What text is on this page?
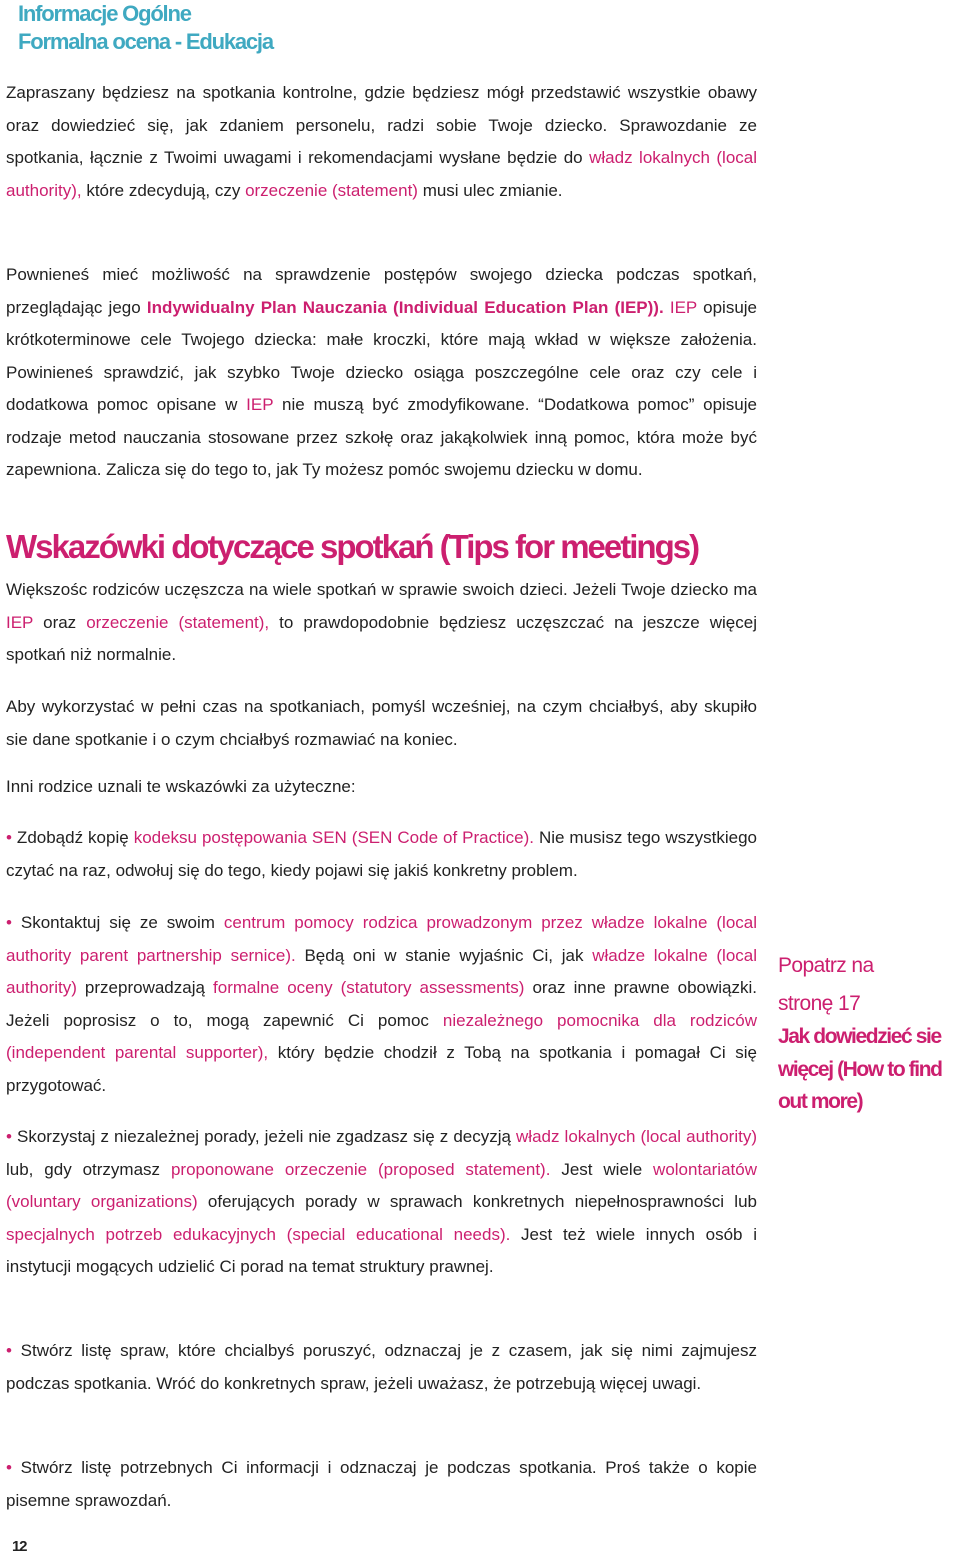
Informacje Ogólne
Formalna ocena - Edukacja

Zapraszany będziesz na spotkania kontrolne, gdzie będziesz mógł przedstawić wszystkie obawy oraz dowiedzieć się, jak zdaniem personelu, radzi sobie Twoje dziecko. Sprawozdanie ze spotkania, łącznie z Twoimi uwagami i rekomendacjami wysłane będzie do władz lokalnych (local authority), które zdecydują, czy orzeczenie (statement) musi ulec zmianie.

Pownieneś mieć możliwość na sprawdzenie postępów swojego dziecka podczas spotkań, przeglądając jego Indywidualny Plan Nauczania (Individual Education Plan (IEP)). IEP opisuje krótkoterminowe cele Twojego dziecka: małe kroczki, które mają wkład w większe założenia. Powinieneś sprawdzić, jak szybko Twoje dziecko osiąga poszczególne cele oraz czy cele i dodatkowa pomoc opisane w IEP nie muszą być zmodyfikowane. “Dodatkowa pomoc” opisuje rodzaje metod nauczania stosowane przez szkołę oraz jakąkolwiek inną pomoc, która może być zapewniona. Zalicza się do tego to, jak Ty możesz pomóc swojemu dziecku w domu.

Wskazówki dotyczące spotkań (Tips for meetings)

Większośc rodziców uczęszcza na wiele spotkań w sprawie swoich dzieci. Jeżeli Twoje dziecko ma IEP oraz orzeczenie (statement), to prawdopodobnie będziesz uczęszczać na jeszcze więcej spotkań niż normalnie.

Aby wykorzystać w pełni czas na spotkaniach, pomyśl wcześniej, na czym chciałbyś, aby skupiło sie dane spotkanie i o czym chciałbyś rozmawiać na koniec.

Inni rodzice uznali te wskazówki za użyteczne:

• Zdobądź kopię kodeksu postępowania SEN (SEN Code of Practice). Nie musisz tego wszystkiego czytać na raz, odwołuj się do tego, kiedy pojawi się jakiś konkretny problem.

• Skontaktuj się ze swoim centrum pomocy rodzica prowadzonym przez władze lokalne (local authority parent partnership sernice). Będą oni w stanie wyjaśnic Ci, jak władze lokalne (local authority) przeprowadzają formalne oceny (statutory assessments) oraz inne prawne obowiązki. Jeżeli poprosisz o to, mogą zapewnić Ci pomoc niezależnego pomocnika dla rodziców (independent parental supporter), który będzie chodził z Tobą na spotkania i pomagał Ci się przygotować.

• Skorzystaj z niezależnej porady, jeżeli nie zgadzasz się z decyzją władz lokalnych (local authority) lub, gdy otrzymasz proponowane orzeczenie (proposed statement). Jest wiele wolontariatów (voluntary organizations) oferujących porady w sprawach konkretnych niepełnosprawności lub specjalnych potrzeb edukacyjnych (special educational needs). Jest też wiele innych osób i instytucji mogących udzielić Ci porad na temat struktury prawnej.

• Stwórz listę spraw, które chcialbyś poruszyć, odznaczaj je z czasem, jak się nimi zajmujesz podczas spotkania. Wróć do konkretnych spraw, jeżeli uważasz, że potrzebują więcej uwagi.

• Stwórz listę potrzebnych Ci informacji i odznaczaj je podczas spotkania. Proś także o kopie pisemne sprawozdań.

Popatrz na
stronę 17
Jak dowiedzieć sie więcej (How to find out more)
12
